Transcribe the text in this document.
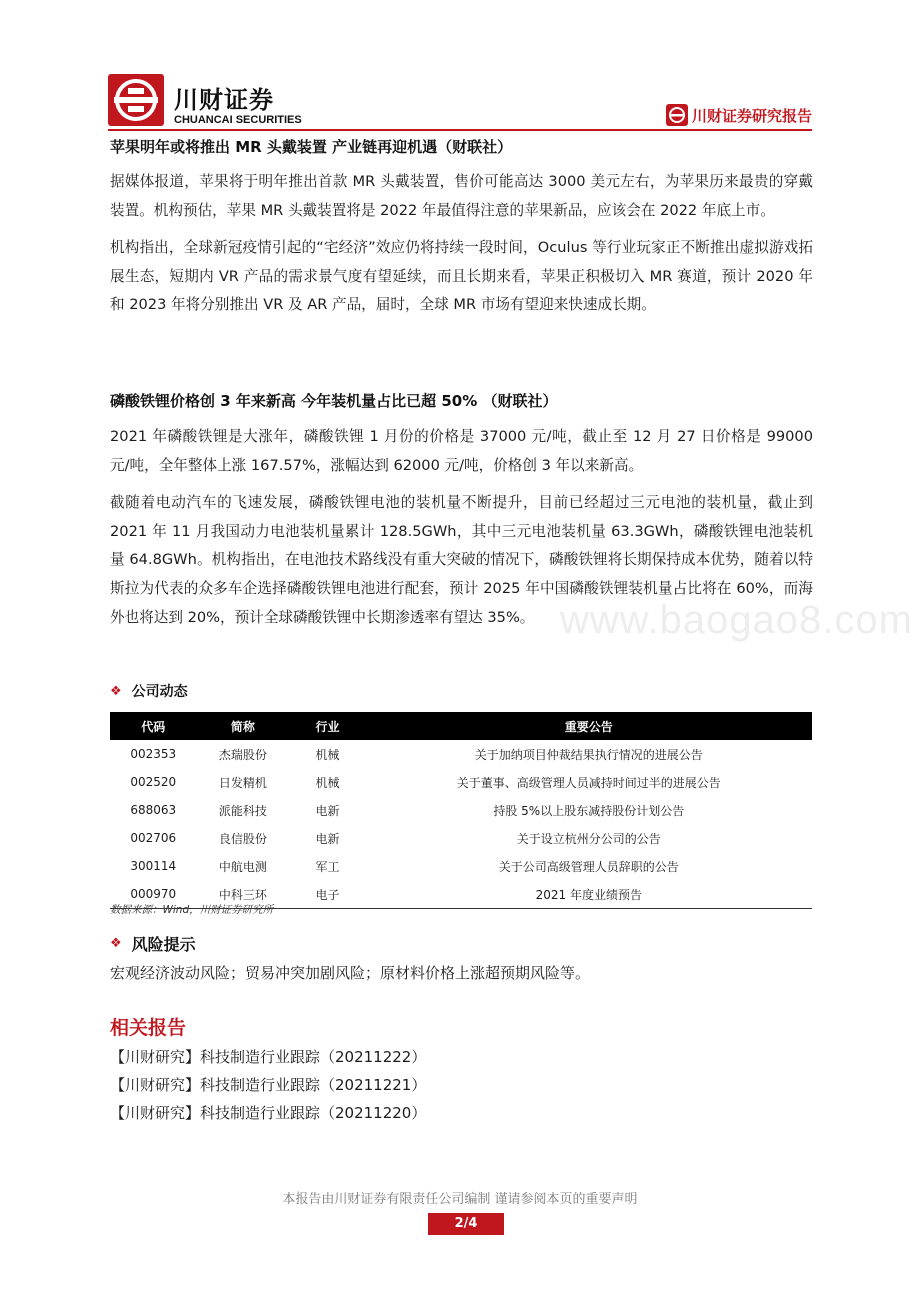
川财证券
CHUANCAI SECURITIES	川财证券研究报告

苹果明年或将推出 MR 头戴装置 产业链再迎机遇（财联社）

据媒体报道，苹果将于明年推出首款 MR 头戴装置，售价可能高达 3000 美元左右，为苹果历来最贵的穿戴装置。机构预估，苹果 MR 头戴装置将是 2022 年最值得注意的苹果新品，应该会在 2022 年底上市。

机构指出，全球新冠疫情引起的“宅经济”效应仍将持续一段时间，Oculus 等行业玩家正不断推出虚拟游戏拓展生态，短期内 VR 产品的需求景气度有望延续，而且长期来看，苹果正积极切入 MR 赛道，预计 2020 年和 2023 年将分别推出 VR 及 AR 产品，届时，全球 MR 市场有望迎来快速成长期。

磷酸铁锂价格创 3 年来新高 今年装机量占比已超 50% （财联社）

2021 年磷酸铁锂是大涨年，磷酸铁锂 1 月份的价格是 37000 元/吨，截止至 12 月 27 日价格是 99000 元/吨，全年整体上涨 167.57%，涨幅达到 62000 元/吨，价格创 3 年以来新高。

截随着电动汽车的飞速发展，磷酸铁锂电池的装机量不断提升，目前已经超过三元电池的装机量，截止到 2021 年 11 月我国动力电池装机量累计 128.5GWh，其中三元电池装机量 63.3GWh，磷酸铁锂电池装机量 64.8GWh。机构指出，在电池技术路线没有重大突破的情况下，磷酸铁锂将长期保持成本优势，随着以特斯拉为代表的众多车企选择磷酸铁锂电池进行配套，预计 2025 年中国磷酸铁锂装机量占比将在 60%，而海外也将达到 20%，预计全球磷酸铁锂中长期渗透率有望达 35%。 www.baogao8.com
❖ 公司动态
代码	简称	行业	重要公告
002353	杰瑞股份	机械	关于加纳项目仲裁结果执行情况的进展公告
002520	日发精机	机械	关于董事、高级管理人员减持时间过半的进展公告
688063	派能科技	电新	持股 5%以上股东减持股份计划公告
002706	良信股份	电新	关于设立杭州分公司的公告
300114	中航电测	军工	关于公司高级管理人员辞职的公告
000970	中科三环	电子	2021 年度业绩预告
数据来源：Wind，川财证券研究所
❖ 风险提示
宏观经济波动风险；贸易冲突加剧风险；原材料价格上涨超预期风险等。
相关报告
【川财研究】科技制造行业跟踪（20211222）
【川财研究】科技制造行业跟踪（20211221）
【川财研究】科技制造行业跟踪（20211220）
本报告由川财证券有限责任公司编制 谨请参阅本页的重要声明
2/4
